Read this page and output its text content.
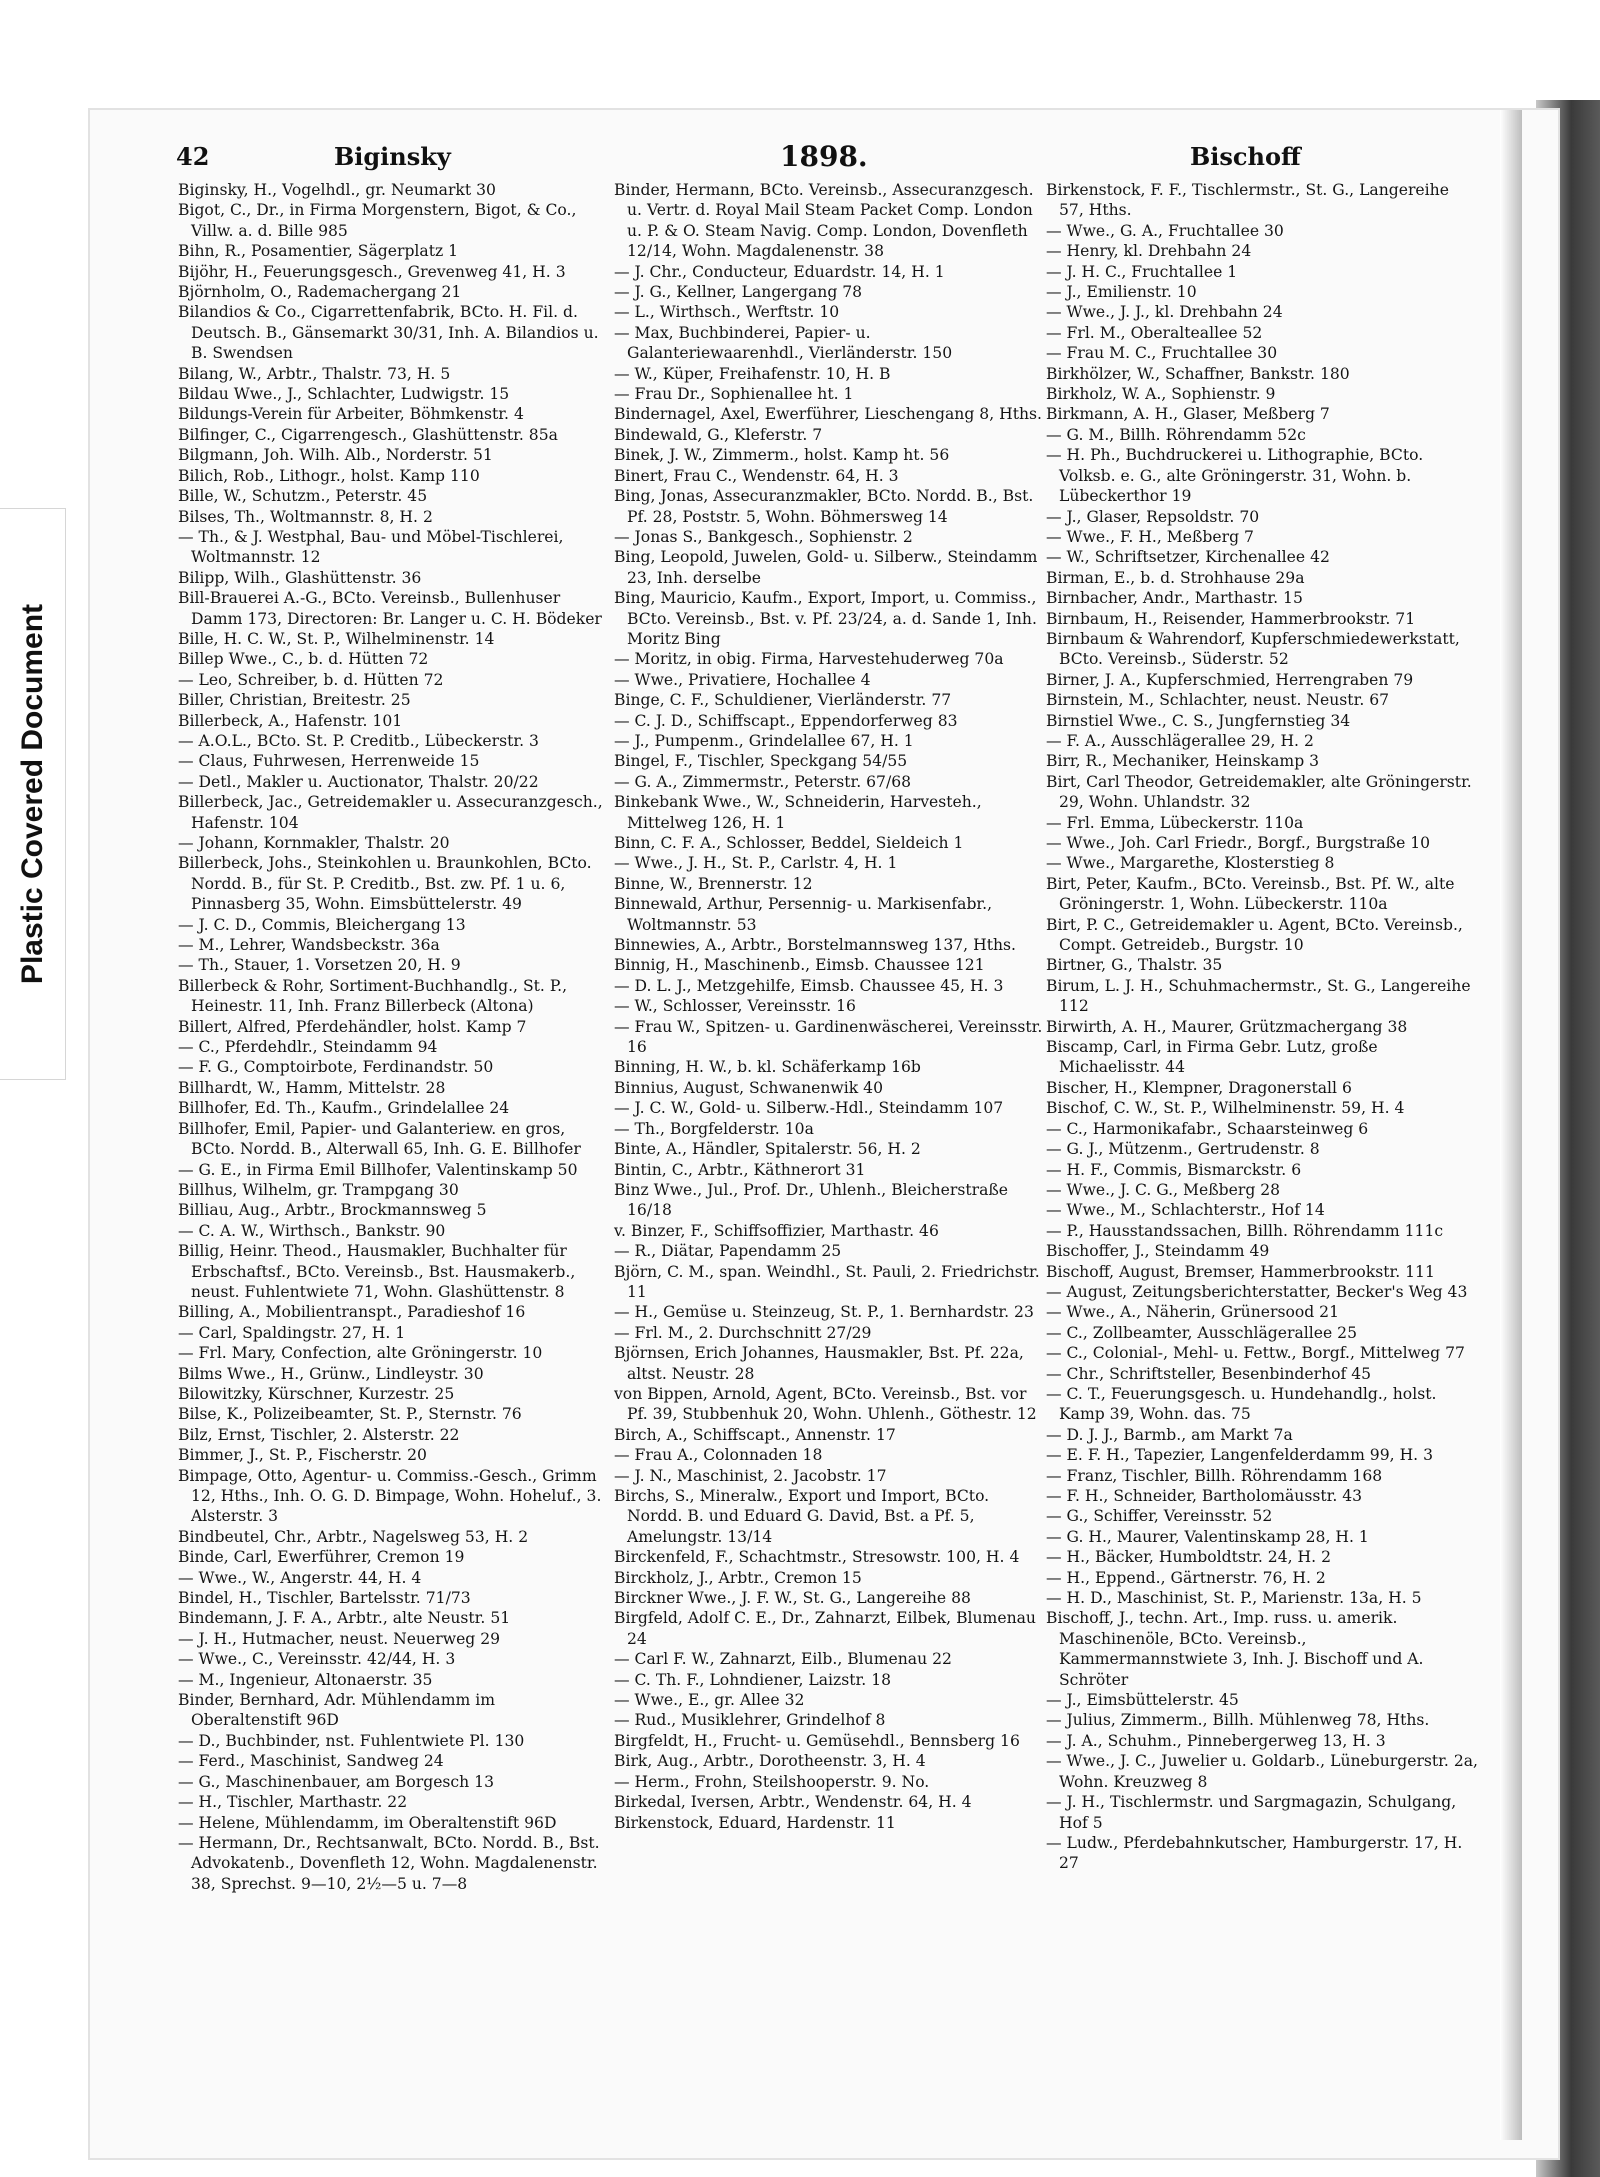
Plastic Covered Document
42	Biginsky	1898.	Bischoff

Biginsky, H., Vogelhdl., gr. Neumarkt 30

Bigot, C., Dr., in Firma Morgenstern, Bigot, & Co., Villw. a. d. Bille 985

Bihn, R., Posamentier, Sägerplatz 1

Bijöhr, H., Feuerungsgesch., Grevenweg 41, H. 3

Björnholm, O., Rademachergang 21

Bilandios & Co., Cigarrettenfabrik, BCto. H. Fil. d. Deutsch. B., Gänsemarkt 30/31, Inh. A. Bilandios u. B. Swendsen

Bilang, W., Arbtr., Thalstr. 73, H. 5

Bildau Wwe., J., Schlachter, Ludwigstr. 15

Bildungs-Verein für Arbeiter, Böhmkenstr. 4

Bilfinger, C., Cigarrengesch., Glashüttenstr. 85a

Bilgmann, Joh. Wilh. Alb., Norderstr. 51

Bilich, Rob., Lithogr., holst. Kamp 110

Bille, W., Schutzm., Peterstr. 45

Bilses, Th., Woltmannstr. 8, H. 2

— Th., & J. Westphal, Bau- und Möbel-Tischlerei, Woltmannstr. 12

Bilipp, Wilh., Glashüttenstr. 36

Bill-Brauerei A.-G., BCto. Vereinsb., Bullenhuser Damm 173, Directoren: Br. Langer u. C. H. Bödeker

Bille, H. C. W., St. P., Wilhelminenstr. 14

Billep Wwe., C., b. d. Hütten 72

— Leo, Schreiber, b. d. Hütten 72

Biller, Christian, Breitestr. 25

Billerbeck, A., Hafenstr. 101

— A.O.L., BCto. St. P. Creditb., Lübeckerstr. 3

— Claus, Fuhrwesen, Herrenweide 15

— Detl., Makler u. Auctionator, Thalstr. 20/22

Billerbeck, Jac., Getreidemakler u. Assecuranzgesch., Hafenstr. 104

— Johann, Kornmakler, Thalstr. 20

Billerbeck, Johs., Steinkohlen u. Braunkohlen, BCto. Nordd. B., für St. P. Creditb., Bst. zw. Pf. 1 u. 6, Pinnasberg 35, Wohn. Eimsbüttelerstr. 49

— J. C. D., Commis, Bleichergang 13

— M., Lehrer, Wandsbeckstr. 36a

— Th., Stauer, 1. Vorsetzen 20, H. 9

Billerbeck & Rohr, Sortiment-Buchhandlg., St. P., Heinestr. 11, Inh. Franz Billerbeck (Altona)

Billert, Alfred, Pferdehändler, holst. Kamp 7

— C., Pferdehdlr., Steindamm 94

— F. G., Comptoirbote, Ferdinandstr. 50

Billhardt, W., Hamm, Mittelstr. 28

Billhofer, Ed. Th., Kaufm., Grindelallee 24

Billhofer, Emil, Papier- und Galanteriew. en gros, BCto. Nordd. B., Alterwall 65, Inh. G. E. Billhofer

— G. E., in Firma Emil Billhofer, Valentinskamp 50

Billhus, Wilhelm, gr. Trampgang 30

Billiau, Aug., Arbtr., Brockmannsweg 5

— C. A. W., Wirthsch., Bankstr. 90

Billig, Heinr. Theod., Hausmakler, Buchhalter für Erbschaftsf., BCto. Vereinsb., Bst. Hausmakerb., neust. Fuhlentwiete 71, Wohn. Glashüttenstr. 8

Billing, A., Mobilientranspt., Paradieshof 16

— Carl, Spaldingstr. 27, H. 1

— Frl. Mary, Confection, alte Gröningerstr. 10

Bilms Wwe., H., Grünw., Lindleystr. 30

Bilowitzky, Kürschner, Kurzestr. 25

Bilse, K., Polizeibeamter, St. P., Sternstr. 76

Bilz, Ernst, Tischler, 2. Alsterstr. 22

Bimmer, J., St. P., Fischerstr. 20

Bimpage, Otto, Agentur- u. Commiss.-Gesch., Grimm 12, Hths., Inh. O. G. D. Bimpage, Wohn. Hoheluf., 3. Alsterstr. 3

Bindbeutel, Chr., Arbtr., Nagelsweg 53, H. 2

Binde, Carl, Ewerführer, Cremon 19

— Wwe., W., Angerstr. 44, H. 4

Bindel, H., Tischler, Bartelsstr. 71/73

Bindemann, J. F. A., Arbtr., alte Neustr. 51

— J. H., Hutmacher, neust. Neuerweg 29

— Wwe., C., Vereinsstr. 42/44, H. 3

— M., Ingenieur, Altonaerstr. 35

Binder, Bernhard, Adr. Mühlendamm im Oberaltenstift 96D

— D., Buchbinder, nst. Fuhlentwiete Pl. 130

— Ferd., Maschinist, Sandweg 24

— G., Maschinenbauer, am Borgesch 13

— H., Tischler, Marthastr. 22

— Helene, Mühlendamm, im Oberaltenstift 96D

— Hermann, Dr., Rechtsanwalt, BCto. Nordd. B., Bst. Advokatenb., Dovenfleth 12, Wohn. Magdalenenstr. 38, Sprechst. 9—10, 2½—5 u. 7—8

Binder, Hermann, BCto. Vereinsb., Assecuranzgesch. u. Vertr. d. Royal Mail Steam Packet Comp. London u. P. & O. Steam Navig. Comp. London, Dovenfleth 12/14, Wohn. Magdalenenstr. 38

— J. Chr., Conducteur, Eduardstr. 14, H. 1

— J. G., Kellner, Langergang 78

— L., Wirthsch., Werftstr. 10

— Max, Buchbinderei, Papier- u. Galanteriewaarenhdl., Vierländerstr. 150

— W., Küper, Freihafenstr. 10, H. B

— Frau Dr., Sophienallee ht. 1

Bindernagel, Axel, Ewerführer, Lieschengang 8, Hths.

Bindewald, G., Kleferstr. 7

Binek, J. W., Zimmerm., holst. Kamp ht. 56

Binert, Frau C., Wendenstr. 64, H. 3

Bing, Jonas, Assecuranzmakler, BCto. Nordd. B., Bst. Pf. 28, Poststr. 5, Wohn. Böhmersweg 14

— Jonas S., Bankgesch., Sophienstr. 2

Bing, Leopold, Juwelen, Gold- u. Silberw., Steindamm 23, Inh. derselbe

Bing, Mauricio, Kaufm., Export, Import, u. Commiss., BCto. Vereinsb., Bst. v. Pf. 23/24, a. d. Sande 1, Inh. Moritz Bing

— Moritz, in obig. Firma, Harvestehuderweg 70a

— Wwe., Privatiere, Hochallee 4

Binge, C. F., Schuldiener, Vierländerstr. 77

— C. J. D., Schiffscapt., Eppendorferweg 83

— J., Pumpenm., Grindelallee 67, H. 1

Bingel, F., Tischler, Speckgang 54/55

— G. A., Zimmermstr., Peterstr. 67/68

Binkebank Wwe., W., Schneiderin, Harvesteh., Mittelweg 126, H. 1

Binn, C. F. A., Schlosser, Beddel, Sieldeich 1

— Wwe., J. H., St. P., Carlstr. 4, H. 1

Binne, W., Brennerstr. 12

Binnewald, Arthur, Persennig- u. Markisenfabr., Woltmannstr. 53

Binnewies, A., Arbtr., Borstelmannsweg 137, Hths.

Binnig, H., Maschinenb., Eimsb. Chaussee 121

— D. L. J., Metzgehilfe, Eimsb. Chaussee 45, H. 3

— W., Schlosser, Vereinsstr. 16

— Frau W., Spitzen- u. Gardinenwäscherei, Vereinsstr. 16

Binning, H. W., b. kl. Schäferkamp 16b

Binnius, August, Schwanenwik 40

— J. C. W., Gold- u. Silberw.-Hdl., Steindamm 107

— Th., Borgfelderstr. 10a

Binte, A., Händler, Spitalerstr. 56, H. 2

Bintin, C., Arbtr., Käthnerort 31

Binz Wwe., Jul., Prof. Dr., Uhlenh., Bleicherstraße 16/18

v. Binzer, F., Schiffsoffizier, Marthastr. 46

— R., Diätar, Papendamm 25

Björn, C. M., span. Weindhl., St. Pauli, 2. Friedrichstr. 11

— H., Gemüse u. Steinzeug, St. P., 1. Bernhardstr. 23

— Frl. M., 2. Durchschnitt 27/29

Björnsen, Erich Johannes, Hausmakler, Bst. Pf. 22a, altst. Neustr. 28

von Bippen, Arnold, Agent, BCto. Vereinsb., Bst. vor Pf. 39, Stubbenhuk 20, Wohn. Uhlenh., Göthestr. 12

Birch, A., Schiffscapt., Annenstr. 17

— Frau A., Colonnaden 18

— J. N., Maschinist, 2. Jacobstr. 17

Birchs, S., Mineralw., Export und Import, BCto. Nordd. B. und Eduard G. David, Bst. a Pf. 5, Amelungstr. 13/14

Birckenfeld, F., Schachtmstr., Stresowstr. 100, H. 4

Birckholz, J., Arbtr., Cremon 15

Birckner Wwe., J. F. W., St. G., Langereihe 88

Birgfeld, Adolf C. E., Dr., Zahnarzt, Eilbek, Blumenau 24

— Carl F. W., Zahnarzt, Eilb., Blumenau 22

— C. Th. F., Lohndiener, Laizstr. 18

— Wwe., E., gr. Allee 32

— Rud., Musiklehrer, Grindelhof 8

Birgfeldt, H., Frucht- u. Gemüsehdl., Bennsberg 16

Birk, Aug., Arbtr., Dorotheenstr. 3, H. 4

— Herm., Frohn, Steilshooperstr. 9. No.

Birkedal, Iversen, Arbtr., Wendenstr. 64, H. 4

Birkenstock, Eduard, Hardenstr. 11

Birkenstock, F. F., Tischlermstr., St. G., Langereihe 57, Hths.

— Wwe., G. A., Fruchtallee 30

— Henry, kl. Drehbahn 24

— J. H. C., Fruchtallee 1

— J., Emilienstr. 10

— Wwe., J. J., kl. Drehbahn 24

— Frl. M., Oberalteallee 52

— Frau M. C., Fruchtallee 30

Birkhölzer, W., Schaffner, Bankstr. 180

Birkholz, W. A., Sophienstr. 9

Birkmann, A. H., Glaser, Meßberg 7

— G. M., Billh. Röhrendamm 52c

— H. Ph., Buchdruckerei u. Lithographie, BCto. Volksb. e. G., alte Gröningerstr. 31, Wohn. b. Lübeckerthor 19

— J., Glaser, Repsoldstr. 70

— Wwe., F. H., Meßberg 7

— W., Schriftsetzer, Kirchenallee 42

Birman, E., b. d. Strohhause 29a

Birnbacher, Andr., Marthastr. 15

Birnbaum, H., Reisender, Hammerbrookstr. 71

Birnbaum & Wahrendorf, Kupferschmiedewerkstatt, BCto. Vereinsb., Süderstr. 52

Birner, J. A., Kupferschmied, Herrengraben 79

Birnstein, M., Schlachter, neust. Neustr. 67

Birnstiel Wwe., C. S., Jungfernstieg 34

— F. A., Ausschlägerallee 29, H. 2

Birr, R., Mechaniker, Heinskamp 3

Birt, Carl Theodor, Getreidemakler, alte Gröningerstr. 29, Wohn. Uhlandstr. 32

— Frl. Emma, Lübeckerstr. 110a

— Wwe., Joh. Carl Friedr., Borgf., Burgstraße 10

— Wwe., Margarethe, Klosterstieg 8

Birt, Peter, Kaufm., BCto. Vereinsb., Bst. Pf. W., alte Gröningerstr. 1, Wohn. Lübeckerstr. 110a

Birt, P. C., Getreidemakler u. Agent, BCto. Vereinsb., Compt. Getreideb., Burgstr. 10

Birtner, G., Thalstr. 35

Birum, L. J. H., Schuhmachermstr., St. G., Langereihe 112

Birwirth, A. H., Maurer, Grützmachergang 38

Biscamp, Carl, in Firma Gebr. Lutz, große Michaelisstr. 44

Bischer, H., Klempner, Dragonerstall 6

Bischof, C. W., St. P., Wilhelminenstr. 59, H. 4

— C., Harmonikafabr., Schaarsteinweg 6

— G. J., Mützenm., Gertrudenstr. 8

— H. F., Commis, Bismarckstr. 6

— Wwe., J. C. G., Meßberg 28

— Wwe., M., Schlachterstr., Hof 14

— P., Hausstandssachen, Billh. Röhrendamm 111c

Bischoffer, J., Steindamm 49

Bischoff, August, Bremser, Hammerbrookstr. 111

— August, Zeitungsberichterstatter, Becker's Weg 43

— Wwe., A., Näherin, Grünersood 21

— C., Zollbeamter, Ausschlägerallee 25

— C., Colonial-, Mehl- u. Fettw., Borgf., Mittelweg 77

— Chr., Schriftsteller, Besenbinderhof 45

— C. T., Feuerungsgesch. u. Hundehandlg., holst. Kamp 39, Wohn. das. 75

— D. J. J., Barmb., am Markt 7a

— E. F. H., Tapezier, Langenfelderdamm 99, H. 3

— Franz, Tischler, Billh. Röhrendamm 168

— F. H., Schneider, Bartholomäusstr. 43

— G., Schiffer, Vereinsstr. 52

— G. H., Maurer, Valentinskamp 28, H. 1

— H., Bäcker, Humboldtstr. 24, H. 2

— H., Eppend., Gärtnerstr. 76, H. 2

— H. D., Maschinist, St. P., Marienstr. 13a, H. 5

Bischoff, J., techn. Art., Imp. russ. u. amerik. Maschinenöle, BCto. Vereinsb., Kammermannstwiete 3, Inh. J. Bischoff und A. Schröter

— J., Eimsbüttelerstr. 45

— Julius, Zimmerm., Billh. Mühlenweg 78, Hths.

— J. A., Schuhm., Pinnebergerweg 13, H. 3

— Wwe., J. C., Juwelier u. Goldarb., Lüneburgerstr. 2a, Wohn. Kreuzweg 8

— J. H., Tischlermstr. und Sargmagazin, Schulgang, Hof 5

— Ludw., Pferdebahnkutscher, Hamburgerstr. 17, H. 27
